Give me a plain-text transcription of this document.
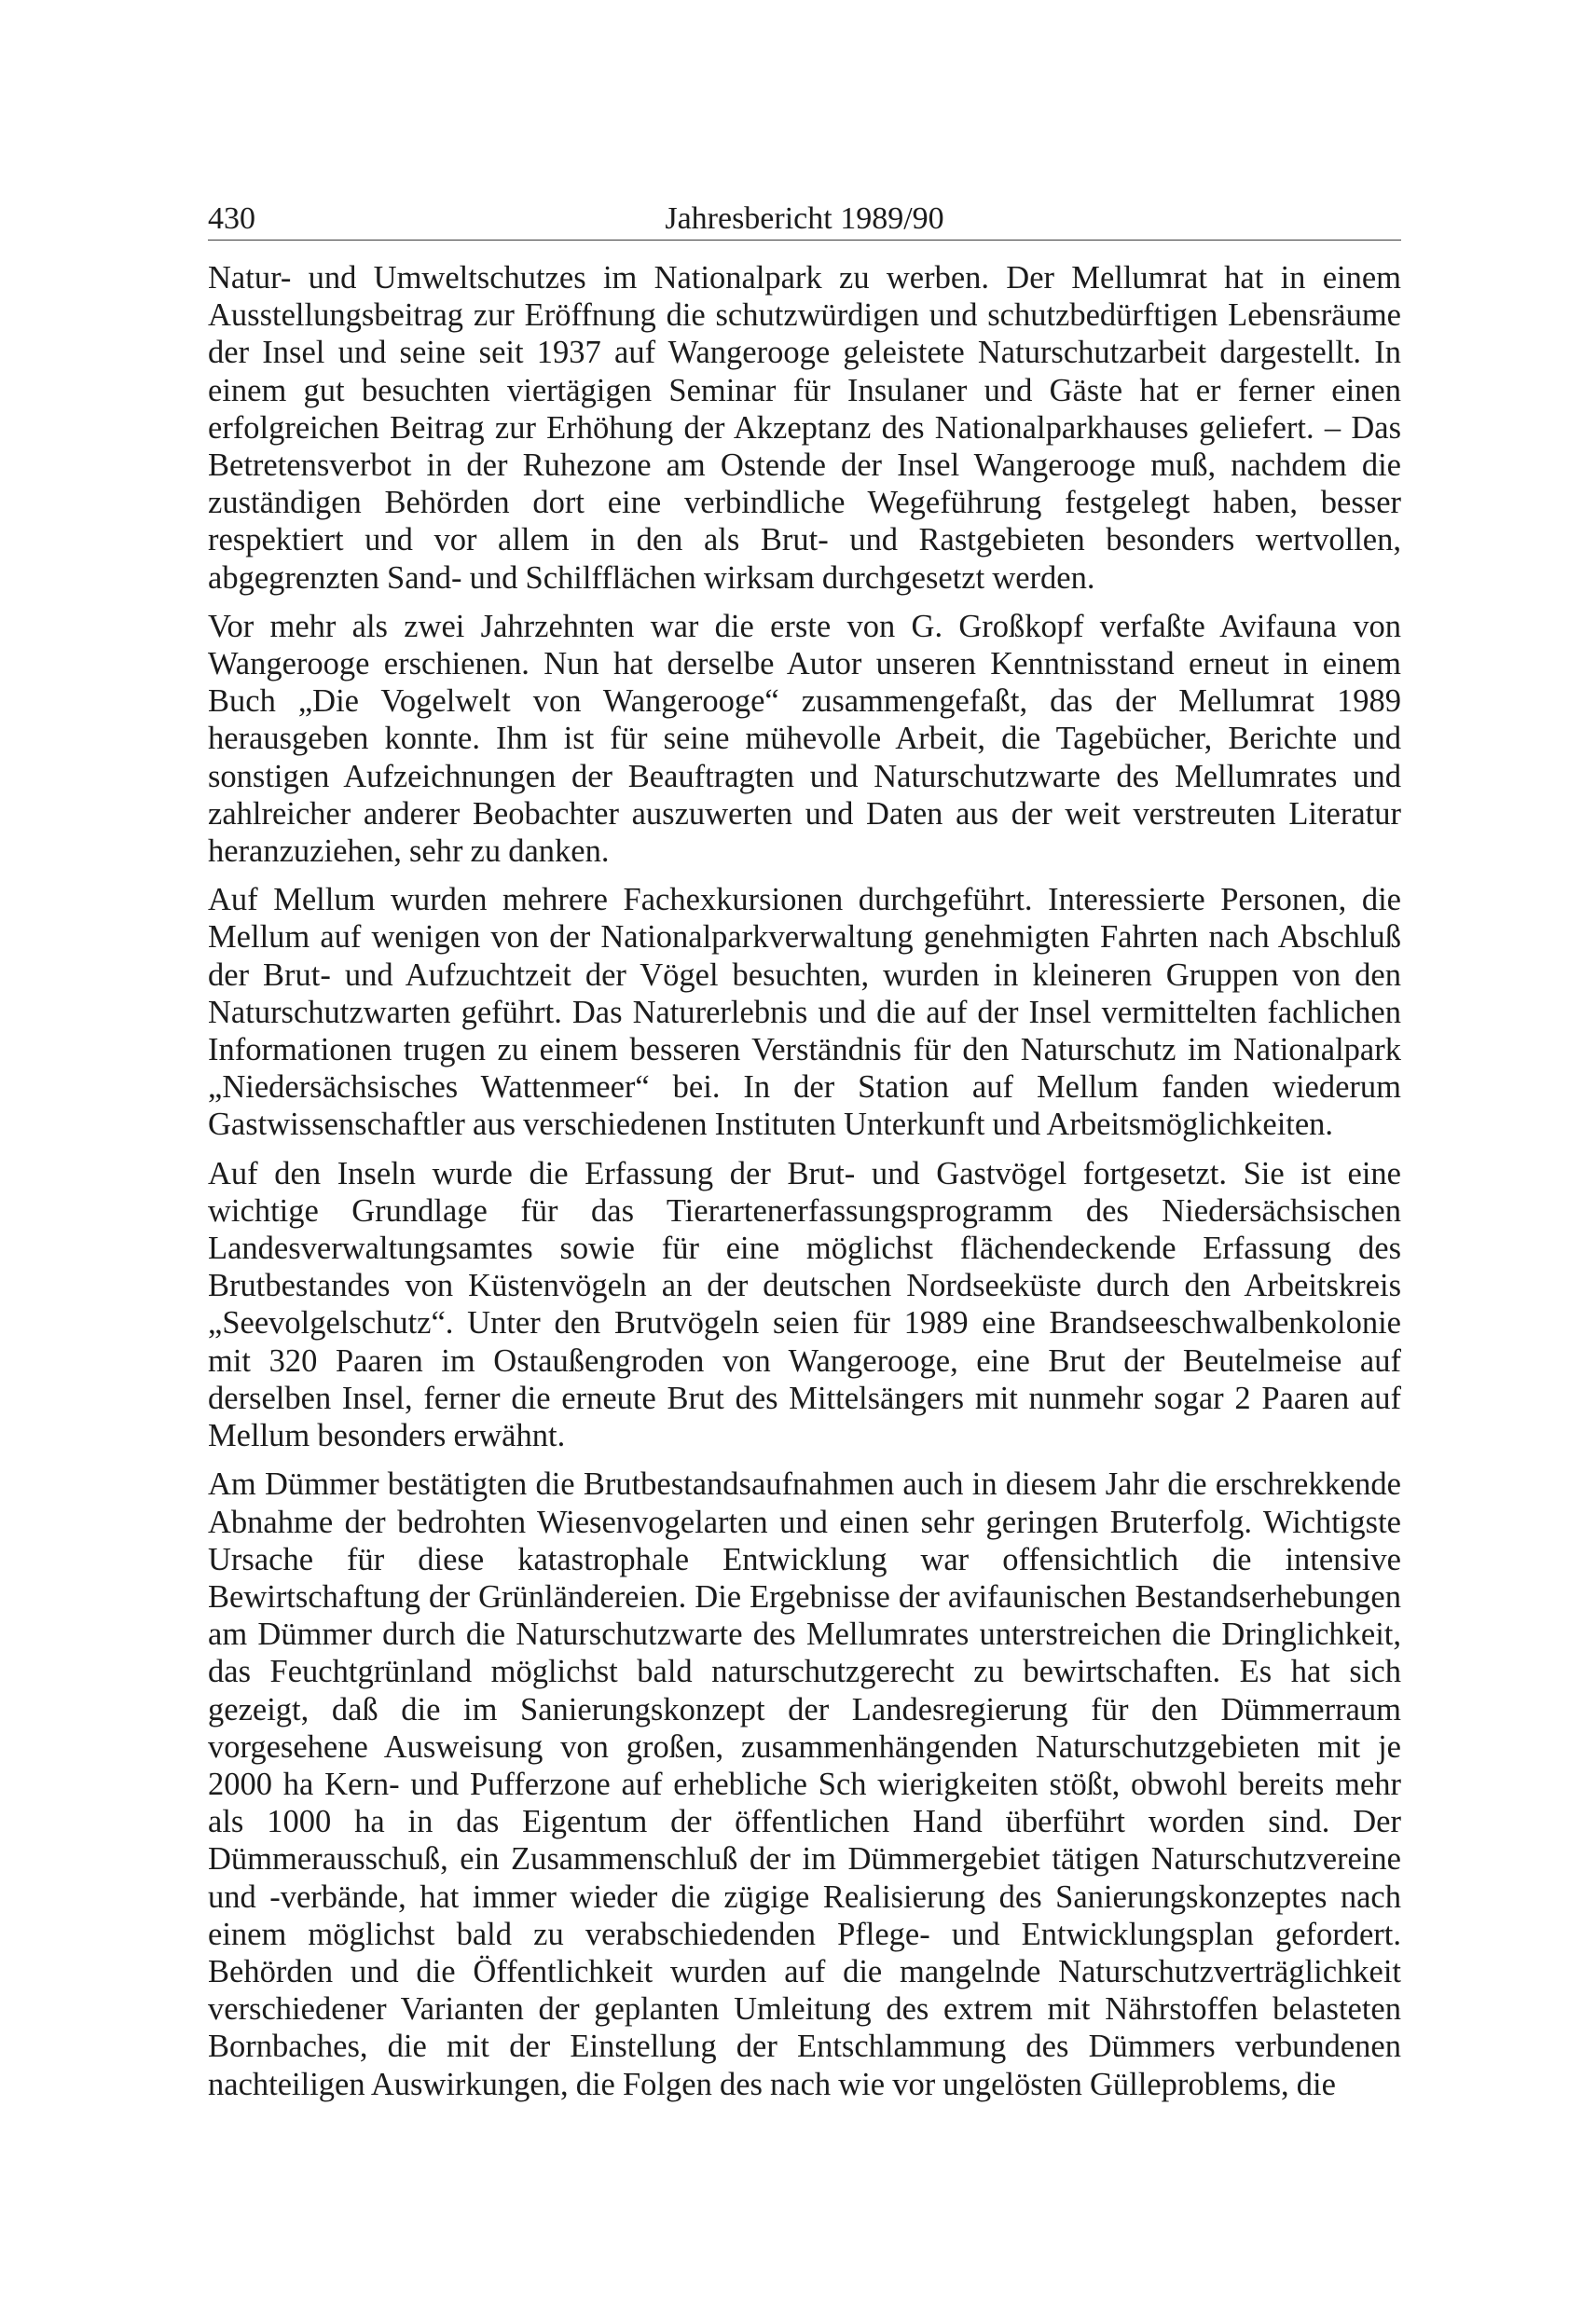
430	Jahresbericht 1989/90

Natur- und Umweltschutzes im Nationalpark zu werben. Der Mellumrat hat in einem Ausstellungsbeitrag zur Eröffnung die schutzwürdigen und schutzbedürftigen Lebensräume der Insel und seine seit 1937 auf Wangerooge geleistete Naturschutzarbeit dargestellt. In einem gut besuchten viertägigen Seminar für Insulaner und Gäste hat er ferner einen erfolgreichen Beitrag zur Erhöhung der Akzeptanz des Nationalparkhauses geliefert. – Das Betretensverbot in der Ruhezone am Ostende der Insel Wangerooge muß, nachdem die zuständigen Behörden dort eine verbindliche Wegeführung festgelegt haben, besser respektiert und vor allem in den als Brut- und Rastgebieten besonders wertvollen, abgegrenzten Sand- und Schilfflächen wirksam durchgesetzt werden.

Vor mehr als zwei Jahrzehnten war die erste von G. Großkopf verfaßte Avifauna von Wangerooge erschienen. Nun hat derselbe Autor unseren Kenntnisstand erneut in einem Buch „Die Vogelwelt von Wangerooge“ zusammengefaßt, das der Mellumrat 1989 herausgeben konnte. Ihm ist für seine mühevolle Arbeit, die Tagebücher, Berichte und sonstigen Aufzeichnungen der Beauftragten und Naturschutzwarte des Mellumrates und zahlreicher anderer Beobachter auszuwerten und Daten aus der weit verstreuten Literatur heranzuziehen, sehr zu danken.

Auf Mellum wurden mehrere Fachexkursionen durchgeführt. Interessierte Personen, die Mellum auf wenigen von der Nationalparkverwaltung genehmigten Fahrten nach Abschluß der Brut- und Aufzuchtzeit der Vögel besuchten, wurden in kleineren Gruppen von den Naturschutzwarten geführt. Das Naturerlebnis und die auf der Insel vermittelten fachlichen Informationen trugen zu einem besseren Verständnis für den Naturschutz im Nationalpark „Niedersächsisches Wattenmeer“ bei. In der Station auf Mellum fanden wiederum Gastwissenschaftler aus verschiedenen Instituten Unterkunft und Arbeitsmöglichkeiten.

Auf den Inseln wurde die Erfassung der Brut- und Gastvögel fortgesetzt. Sie ist eine wichtige Grundlage für das Tierartenerfassungsprogramm des Niedersächsischen Landesverwaltungsamtes sowie für eine möglichst flächendeckende Erfassung des Brutbestandes von Küstenvögeln an der deutschen Nordseeküste durch den Arbeitskreis „Seevolgelschutz“. Unter den Brutvögeln seien für 1989 eine Brandseeschwalbenkolonie mit 320 Paaren im Ostaußengroden von Wangerooge, eine Brut der Beutelmeise auf derselben Insel, ferner die erneute Brut des Mittelsängers mit nunmehr sogar 2 Paaren auf Mellum besonders erwähnt.

Am Dümmer bestätigten die Brutbestandsaufnahmen auch in diesem Jahr die erschrekkende Abnahme der bedrohten Wiesenvogelarten und einen sehr geringen Bruterfolg. Wichtigste Ursache für diese katastrophale Entwicklung war offensichtlich die intensive Bewirtschaftung der Grünländereien. Die Ergebnisse der avifaunischen Bestandserhebungen am Dümmer durch die Naturschutzwarte des Mellumrates unterstreichen die Dringlichkeit, das Feuchtgrünland möglichst bald naturschutzgerecht zu bewirtschaften. Es hat sich gezeigt, daß die im Sanierungskonzept der Landesregierung für den Dümmerraum vorgesehene Ausweisung von großen, zusammenhängenden Naturschutzgebieten mit je 2000 ha Kern- und Pufferzone auf erhebliche Sch wierigkeiten stößt, obwohl bereits mehr als 1000 ha in das Eigentum der öffentlichen Hand überführt worden sind. Der Dümmerausschuß, ein Zusammenschluß der im Dümmergebiet tätigen Naturschutzvereine und -verbände, hat immer wieder die zügige Realisierung des Sanierungskonzeptes nach einem möglichst bald zu verabschiedenden Pflege- und Entwicklungsplan gefordert. Behörden und die Öffentlichkeit wurden auf die mangelnde Naturschutzverträglichkeit verschiedener Varianten der geplanten Umleitung des extrem mit Nährstoffen belasteten Bornbaches, die mit der Einstellung der Entschlammung des Dümmers verbundenen nachteiligen Auswirkungen, die Folgen des nach wie vor ungelösten Gülleproblems, die
